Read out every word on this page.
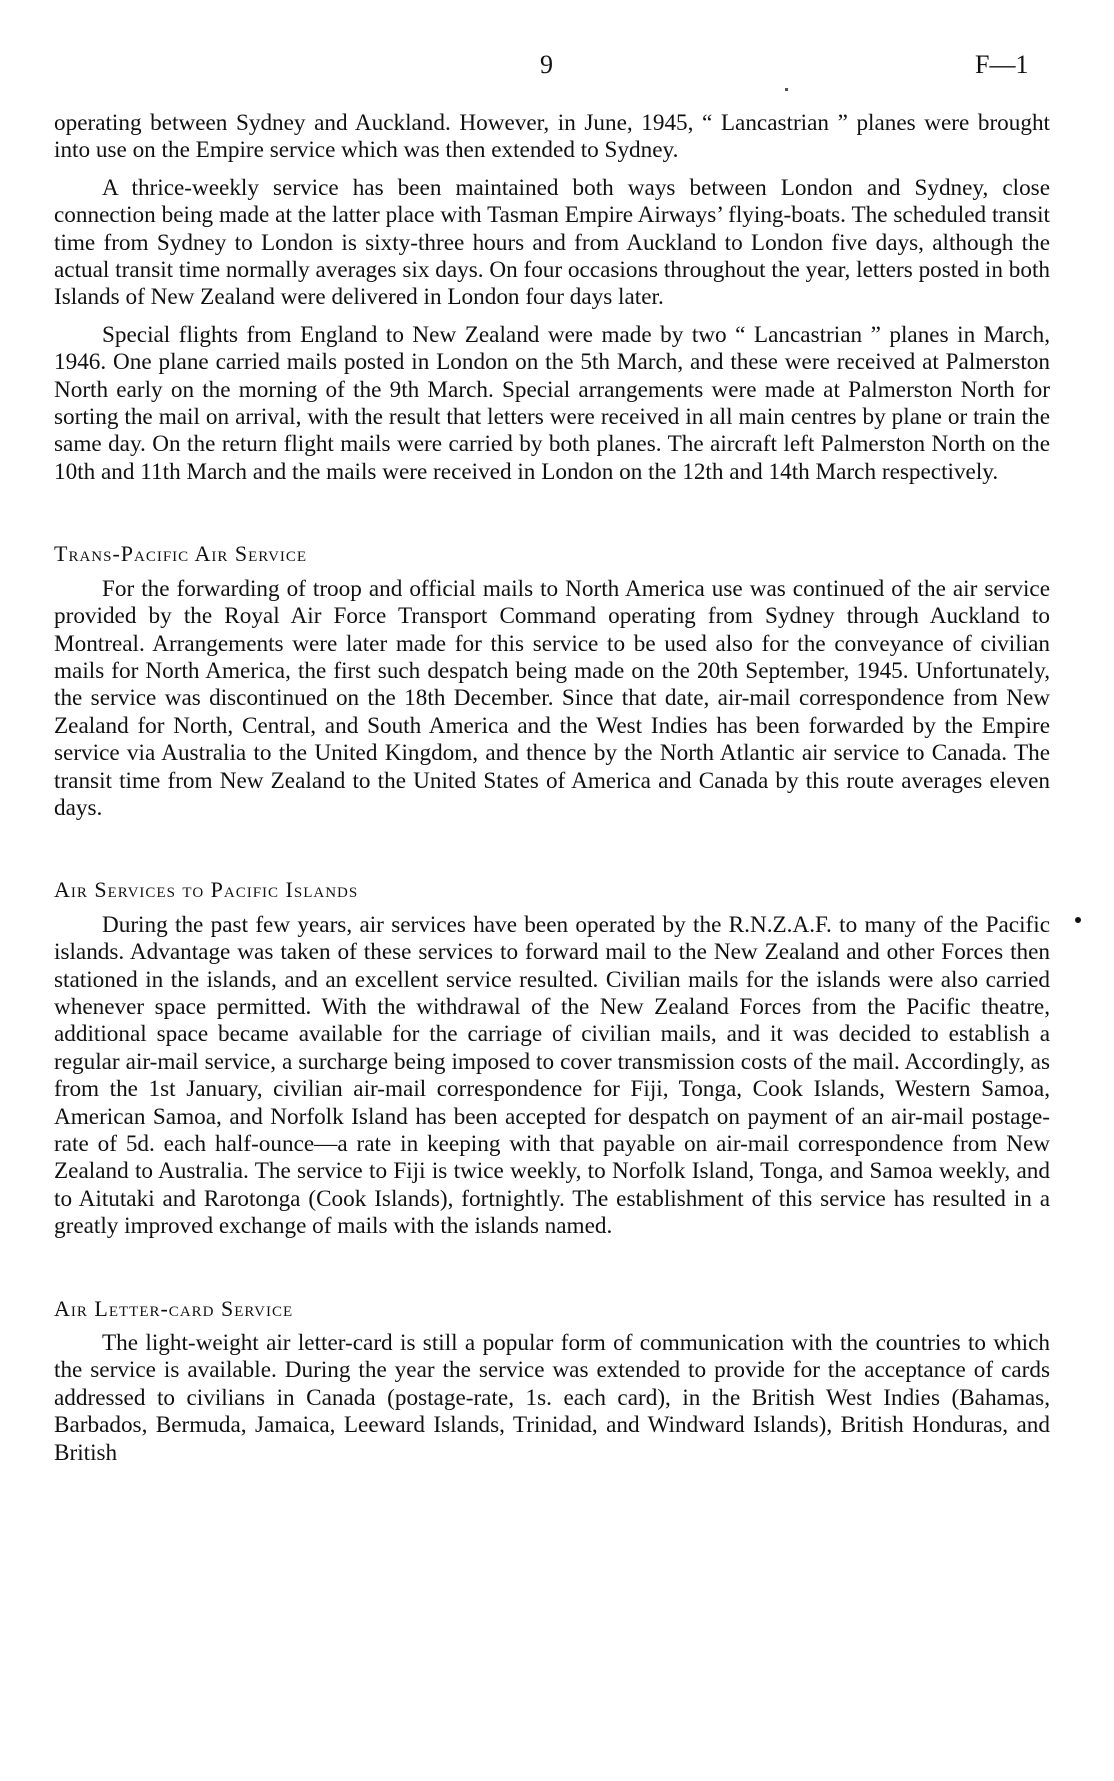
9	F—1

operating between Sydney and Auckland. However, in June, 1945, “ Lancastrian ” planes were brought into use on the Empire service which was then extended to Sydney.

A thrice-weekly service has been maintained both ways between London and Sydney, close connection being made at the latter place with Tasman Empire Airways’ flying-boats. The scheduled transit time from Sydney to London is sixty-three hours and from Auckland to London five days, although the actual transit time normally averages six days. On four occasions throughout the year, letters posted in both Islands of New Zealand were delivered in London four days later.

Special flights from England to New Zealand were made by two “ Lancastrian ” planes in March, 1946. One plane carried mails posted in London on the 5th March, and these were received at Palmerston North early on the morning of the 9th March. Special arrangements were made at Palmerston North for sorting the mail on arrival, with the result that letters were received in all main centres by plane or train the same day. On the return flight mails were carried by both planes. The aircraft left Palmerston North on the 10th and 11th March and the mails were received in London on the 12th and 14th March respectively.

Trans-Pacific Air Service

For the forwarding of troop and official mails to North America use was continued of the air service provided by the Royal Air Force Transport Command operating from Sydney through Auckland to Montreal. Arrangements were later made for this service to be used also for the conveyance of civilian mails for North America, the first such despatch being made on the 20th September, 1945. Unfortunately, the service was discontinued on the 18th December. Since that date, air-mail correspondence from New Zealand for North, Central, and South America and the West Indies has been forwarded by the Empire service via Australia to the United Kingdom, and thence by the North Atlantic air service to Canada. The transit time from New Zealand to the United States of America and Canada by this route averages eleven days.

Air Services to Pacific Islands

During the past few years, air services have been operated by the R.N.Z.A.F. to many of the Pacific islands. Advantage was taken of these services to forward mail to the New Zealand and other Forces then stationed in the islands, and an excellent service resulted. Civilian mails for the islands were also carried whenever space permitted. With the withdrawal of the New Zealand Forces from the Pacific theatre, additional space became available for the carriage of civilian mails, and it was decided to establish a regular air-mail service, a surcharge being imposed to cover transmission costs of the mail. Accordingly, as from the 1st January, civilian air-mail correspondence for Fiji, Tonga, Cook Islands, Western Samoa, American Samoa, and Norfolk Island has been accepted for despatch on payment of an air-mail postage-rate of 5d. each half-ounce—a rate in keeping with that payable on air-mail correspondence from New Zealand to Australia. The service to Fiji is twice weekly, to Norfolk Island, Tonga, and Samoa weekly, and to Aitutaki and Rarotonga (Cook Islands), fortnightly. The establishment of this service has resulted in a greatly improved exchange of mails with the islands named.

Air Letter-card Service

The light-weight air letter-card is still a popular form of communication with the countries to which the service is available. During the year the service was extended to provide for the acceptance of cards addressed to civilians in Canada (postage-rate, 1s. each card), in the British West Indies (Bahamas, Barbados, Bermuda, Jamaica, Leeward Islands, Trinidad, and Windward Islands), British Honduras, and British
